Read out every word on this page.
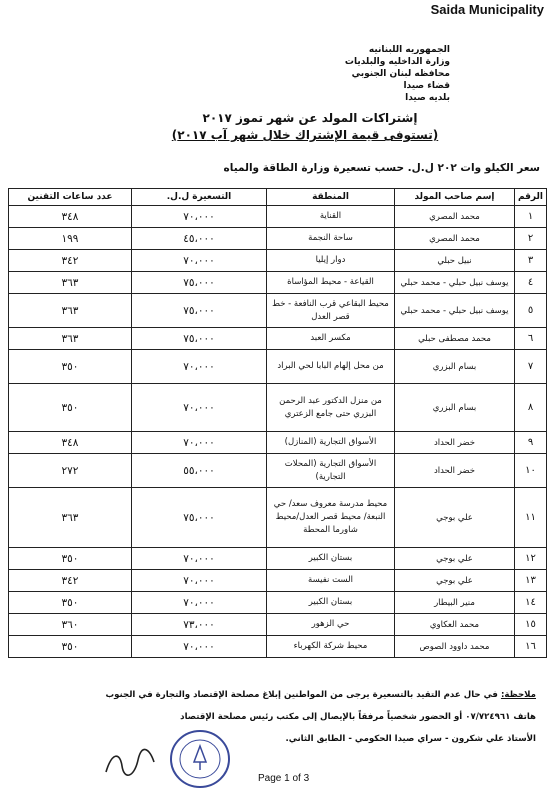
Saida Municipality
الجمهوريه اللبنانيه
وزارة الداخليه والبلديات
محافظه لبنان الجنوبي
قضاء صيدا
بلديه صيدا
إشتراكات المولد عن شهر تموز ٢٠١٧
(تستوفى قيمة الإشتراك خلال شهر آب ٢٠١٧)
سعر الكيلو وات ٢٠٢ ل.ل. حسب تسعيرة وزارة الطاقة والمياه
الرقم	إسم صاحب المولد	المنطقة	التسعيرة ل.ل.	عدد ساعات التقنين
١	محمد المصري	القناية	٧٠،٠٠٠	٣٤٨
٢	محمد المصري	ساحة النجمة	٤٥،٠٠٠	١٩٩
٣	نبيل حبلي	دوار إيليا	٧٠،٠٠٠	٣٤٢
٤	يوسف نبيل حبلي - محمد حبلي	القياعة - محيط المؤاساة	٧٥،٠٠٠	٣٦٣
٥	يوسف نبيل حبلي - محمد حبلي	محيط البقاعي قرب النافعة - خط قصر العدل	٧٥،٠٠٠	٣٦٣
٦	محمد مصطفى حبلي	مكسر العبد	٧٥،٠٠٠	٣٦٣
٧	بسام البزري	من محل إلهام البابا لحي البراد	٧٠،٠٠٠	٣٥٠
٨	بسام البزري	من منزل الدكتور عبد الرحمن البزري حتى جامع الزعتري	٧٠،٠٠٠	٣٥٠
٩	خضر الحداد	الأسواق التجارية (المنازل)	٧٠،٠٠٠	٣٤٨
١٠	خضر الحداد	الأسواق التجارية (المحلات التجارية)	٥٥،٠٠٠	٢٧٢
١١	علي بوجي	محيط مدرسة معروف سعد/ حي النبعة/ محيط قصر العدل/محيط شاورما المحطة	٧٥،٠٠٠	٣٦٣
١٢	علي بوجي	بستان الكبير	٧٠،٠٠٠	٣٥٠
١٣	علي بوجي	الست نفيسة	٧٠،٠٠٠	٣٤٢
١٤	منير البيطار	بستان الكبير	٧٠،٠٠٠	٣٥٠
١٥	محمد العكاوي	حي الزهور	٧٣،٠٠٠	٣٦٠
١٦	محمد داوود الصوص	محيط شركة الكهرباء	٧٠،٠٠٠	٣٥٠
ملاحظة: في حال عدم التقيد بالتسعيرة يرجى من المواطنين إبلاغ مصلحة الإقتصاد والتجارة في الجنوب
هاتف ٠٧/٧٢٤٩٦١ أو الحضور شخصياً مرفقاً بالإيصال إلى مكتب رئيس مصلحة الإقتصاد
الأستاذ علي شكرون - سراي صيدا الحكومي - الطابق الثاني.
Page 1 of 3
